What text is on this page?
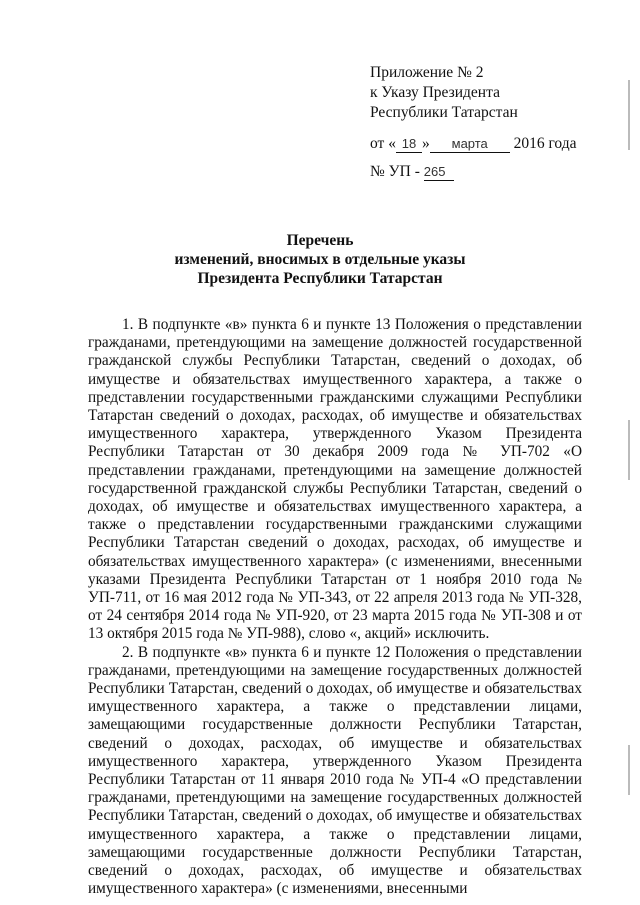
Приложение № 2
к Указу Президента
Республики Татарстан
от « 18 » марта 2016 года
№ УП - 265
Перечень
изменений, вносимых в отдельные указы
Президента Республики Татарстан

1. В подпункте «в» пункта 6 и пункте 13 Положения о представлении гражданами, претендующими на замещение должностей государственной гражданской службы Республики Татарстан, сведений о доходах, об имуществе и обязательствах имущественного характера, а также о представлении государственными гражданскими служащими Республики Татарстан сведений о доходах, расходах, об имуществе и обязательствах имущественного характера, утвержденного Указом Президента Республики Татарстан от 30 декабря 2009 года № УП-702 «О представлении гражданами, претендующими на замещение должностей государственной гражданской службы Республики Татарстан, сведений о доходах, об имуществе и обязательствах имущественного характера, а также о представлении государственными гражданскими служащими Республики Татарстан сведений о доходах, расходах, об имуществе и обязательствах имущественного характера» (с изменениями, внесенными указами Президента Республики Татарстан от 1 ноября 2010 года № УП-711, от 16 мая 2012 года № УП-343, от 22 апреля 2013 года № УП-328, от 24 сентября 2014 года № УП-920, от 23 марта 2015 года № УП-308 и от 13 октября 2015 года № УП-988), слово «, акций» исключить.

2. В подпункте «в» пункта 6 и пункте 12 Положения о представлении гражданами, претендующими на замещение государственных должностей Республики Татарстан, сведений о доходах, об имуществе и обязательствах имущественного характера, а также о представлении лицами, замещающими государственные должности Республики Татарстан, сведений о доходах, расходах, об имуществе и обязательствах имущественного характера, утвержденного Указом Президента Республики Татарстан от 11 января 2010 года № УП-4 «О представлении гражданами, претендующими на замещение государственных должностей Республики Татарстан, сведений о доходах, об имуществе и обязательствах имущественного характера, а также о представлении лицами, замещающими государственные должности Республики Татарстан, сведений о доходах, расходах, об имуществе и обязательствах имущественного характера» (с изменениями, внесенными
